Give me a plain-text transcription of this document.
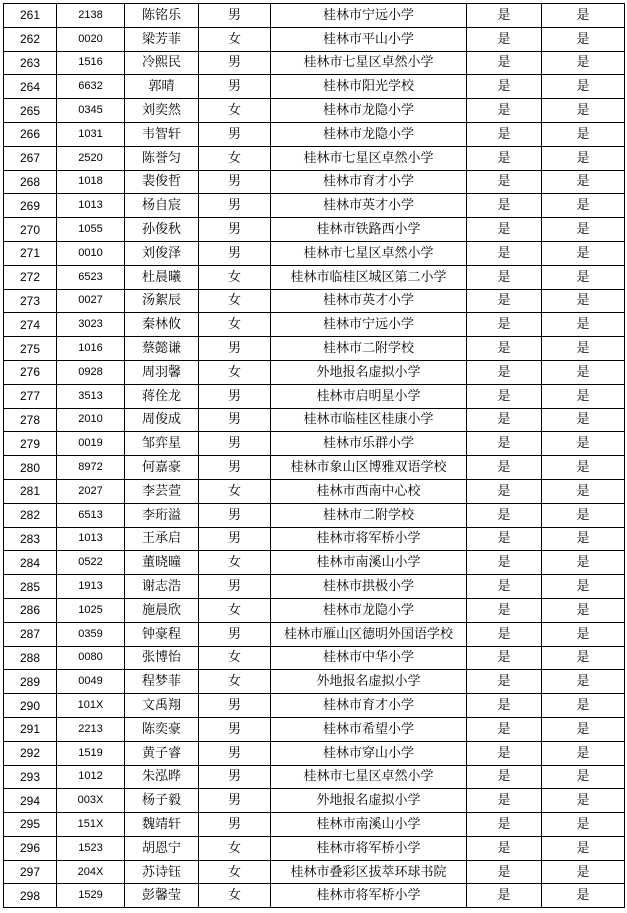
261	2138	陈铭乐	男	桂林市宁远小学	是	是
262	0020	梁芳菲	女	桂林市平山小学	是	是
263	1516	冷熙民	男	桂林市七星区卓然小学	是	是
264	6632	郭晴	男	桂林市阳光学校	是	是
265	0345	刘奕然	女	桂林市龙隐小学	是	是
266	1031	韦智轩	男	桂林市龙隐小学	是	是
267	2520	陈誉匀	女	桂林市七星区卓然小学	是	是
268	1018	裴俊哲	男	桂林市育才小学	是	是
269	1013	杨自宸	男	桂林市英才小学	是	是
270	1055	孙俊秋	男	桂林市铁路西小学	是	是
271	0010	刘俊泽	男	桂林市七星区卓然小学	是	是
272	6523	杜晨曦	女	桂林市临桂区城区第二小学	是	是
273	0027	汤絮辰	女	桂林市英才小学	是	是
274	3023	秦林攸	女	桂林市宁远小学	是	是
275	1016	蔡懿谦	男	桂林市二附学校	是	是
276	0928	周羽馨	女	外地报名虚拟小学	是	是
277	3513	蒋佺龙	男	桂林市启明星小学	是	是
278	2010	周俊成	男	桂林市临桂区桂康小学	是	是
279	0019	邹弈星	男	桂林市乐群小学	是	是
280	8972	何嘉豪	男	桂林市象山区博雅双语学校	是	是
281	2027	李芸萱	女	桂林市西南中心校	是	是
282	6513	李珩溢	男	桂林市二附学校	是	是
283	1013	王承启	男	桂林市将军桥小学	是	是
284	0522	董晓曈	女	桂林市南溪山小学	是	是
285	1913	谢志浩	男	桂林市拱极小学	是	是
286	1025	施晨欣	女	桂林市龙隐小学	是	是
287	0359	钟豪程	男	桂林市雁山区德明外国语学校	是	是
288	0080	张博怡	女	桂林市中华小学	是	是
289	0049	程梦菲	女	外地报名虚拟小学	是	是
290	101X	文禹翔	男	桂林市育才小学	是	是
291	2213	陈奕豪	男	桂林市希望小学	是	是
292	1519	黄子睿	男	桂林市穿山小学	是	是
293	1012	朱泓晔	男	桂林市七星区卓然小学	是	是
294	003X	杨子毅	男	外地报名虚拟小学	是	是
295	151X	魏靖轩	男	桂林市南溪山小学	是	是
296	1523	胡恩宁	女	桂林市将军桥小学	是	是
297	204X	苏诗钰	女	桂林市叠彩区拔萃环球书院	是	是
298	1529	彭馨莹	女	桂林市将军桥小学	是	是
